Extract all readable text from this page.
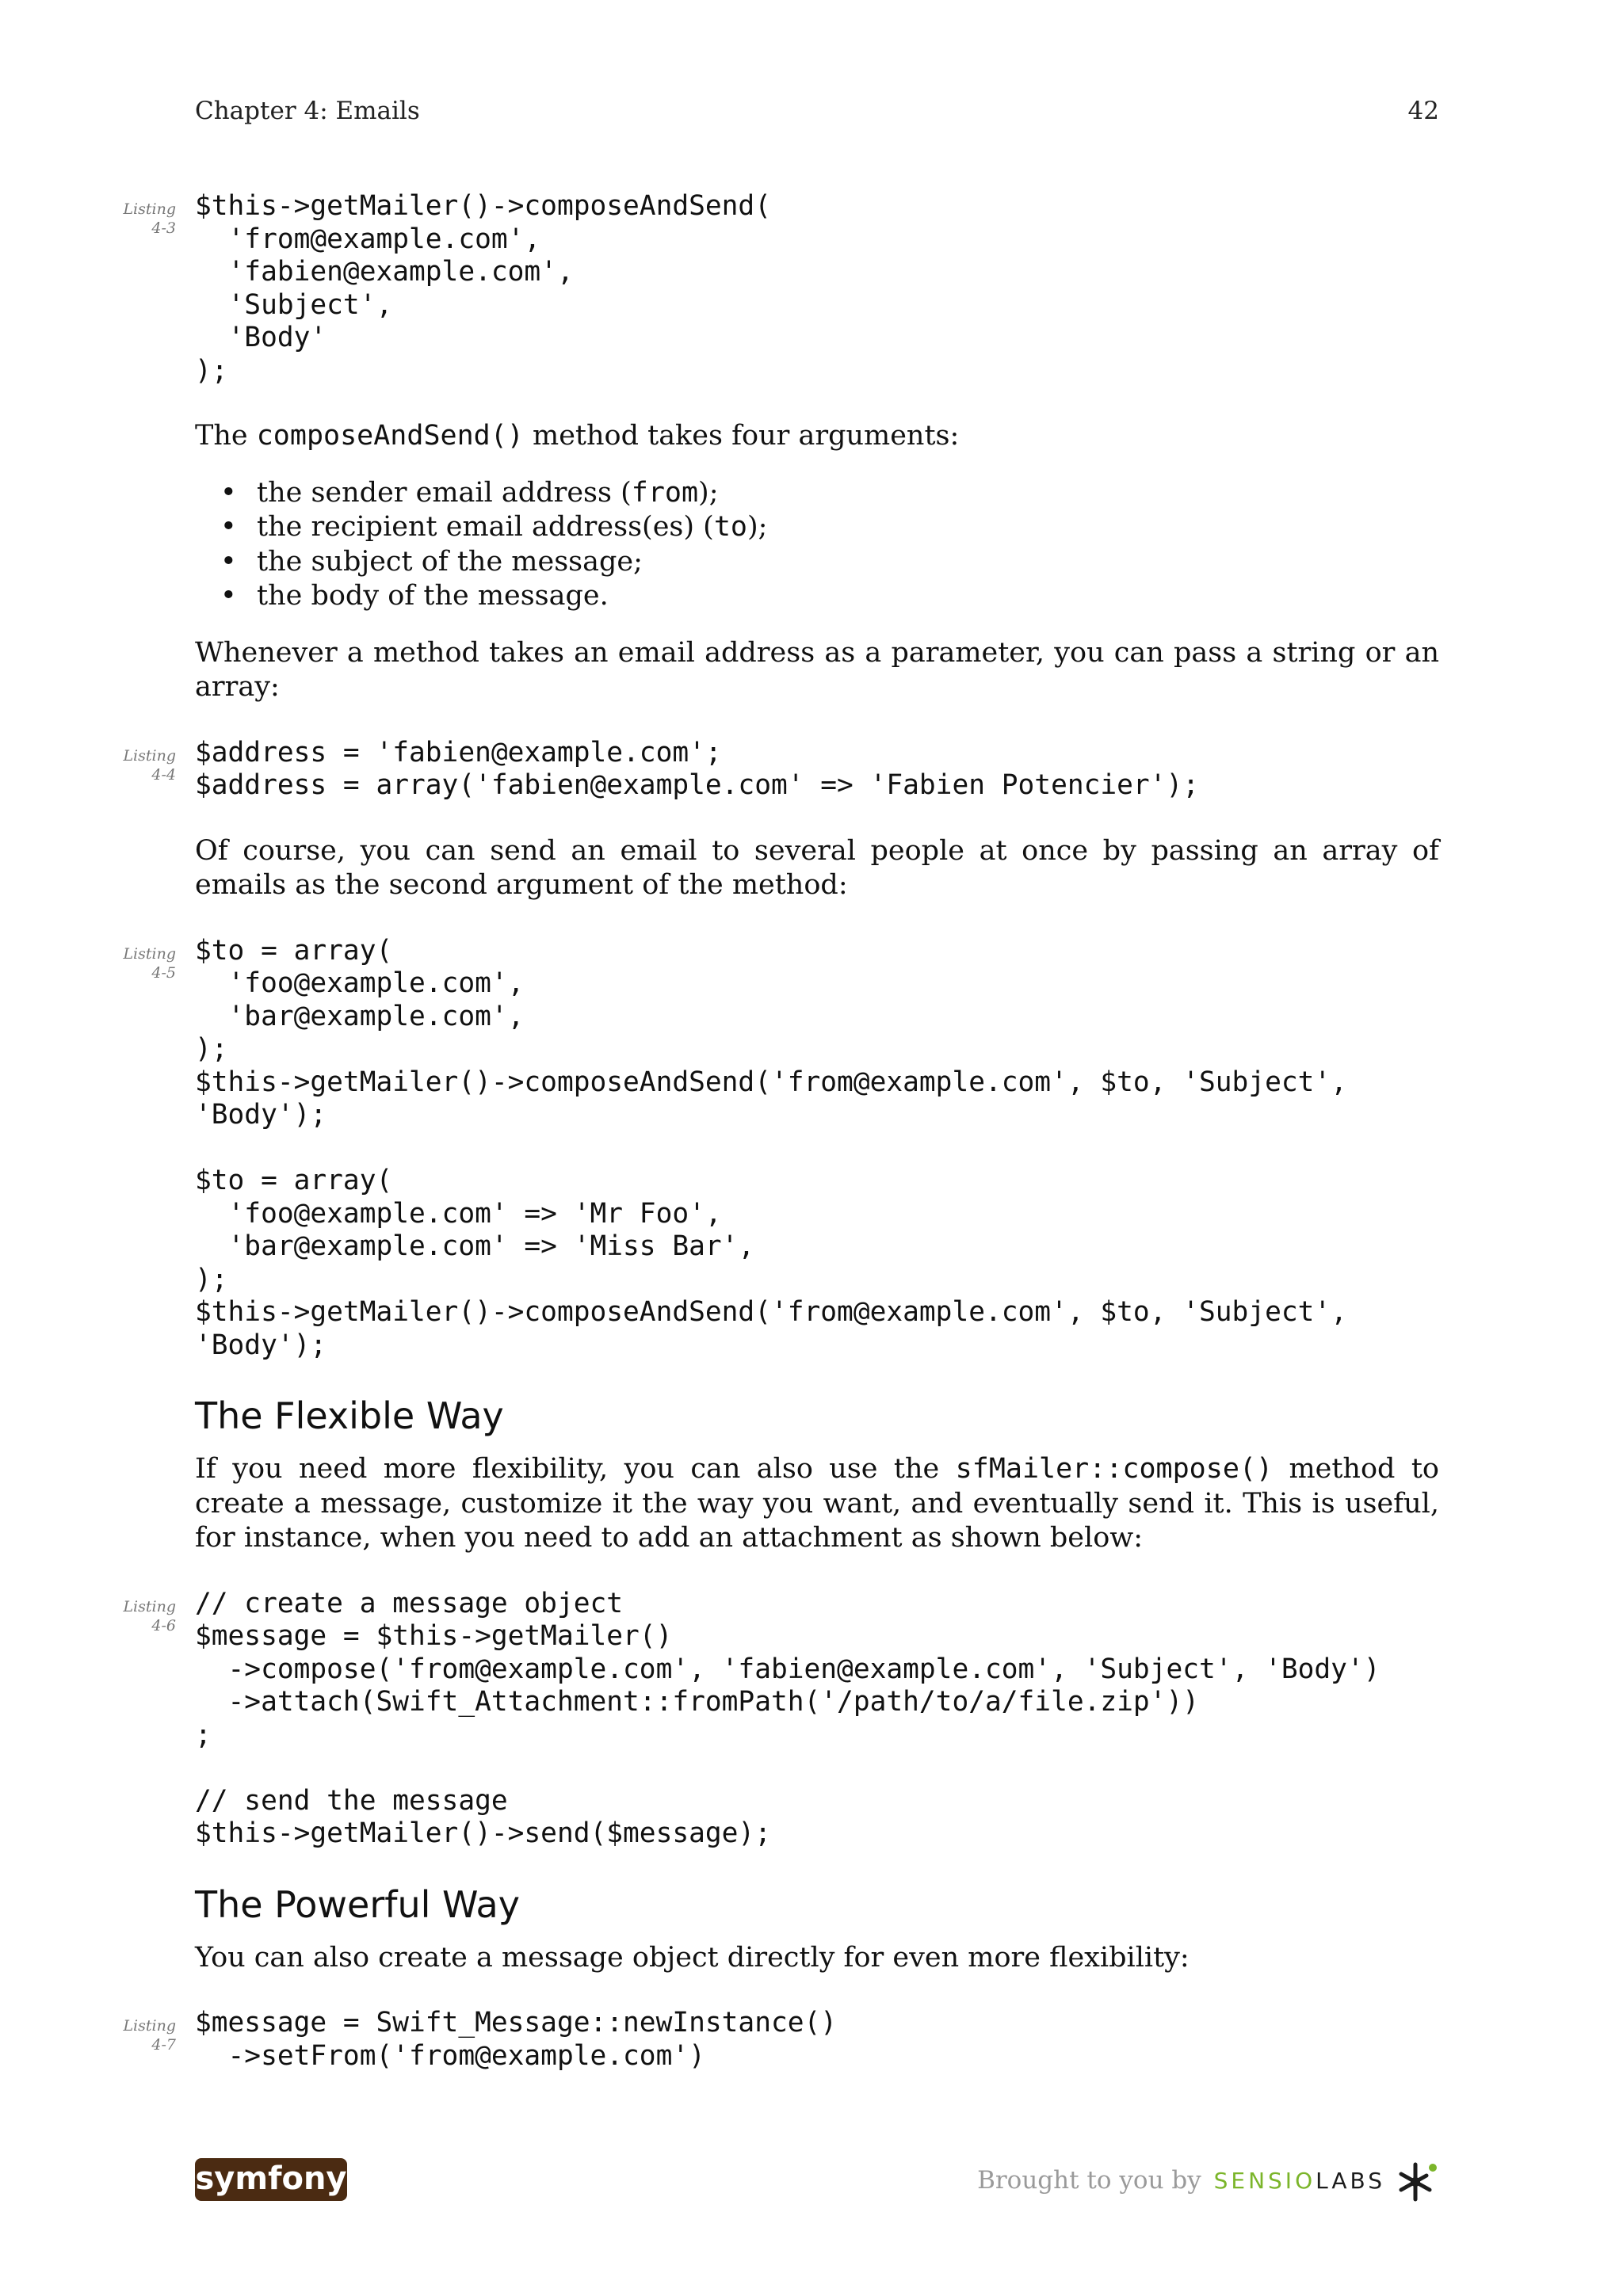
Chapter 4: Emails	42
Listing
4-3
$this->getMailer()->composeAndSend(
'from@example.com',
'fabien@example.com',
'Subject',
'Body'
);

The composeAndSend() method takes four arguments:

• the sender email address (from);
• the recipient email address(es) (to);
• the subject of the message;
• the body of the message.

Whenever a method takes an email address as a parameter, you can pass a string or an array:

Listing
4-4
$address = 'fabien@example.com';
$address = array('fabien@example.com' => 'Fabien Potencier');

Of course, you can send an email to several people at once by passing an array of emails as the second argument of the method:

Listing
4-5
$to = array(
'foo@example.com',
'bar@example.com',
);
$this->getMailer()->composeAndSend('from@example.com', $to, 'Subject',
'Body');

$to = array(
'foo@example.com' => 'Mr Foo',
'bar@example.com' => 'Miss Bar',
);
$this->getMailer()->composeAndSend('from@example.com', $to, 'Subject',
'Body');
The Flexible Way

If you need more flexibility, you can also use the sfMailer::compose() method to create a message, customize it the way you want, and eventually send it. This is useful, for instance, when you need to add an attachment as shown below:

Listing
4-6
// create a message object
$message = $this->getMailer()
->compose('from@example.com', 'fabien@example.com', 'Subject', 'Body')
->attach(Swift_Attachment::fromPath('/path/to/a/file.zip'))
;

// send the message
$this->getMailer()->send($message);
The Powerful Way

You can also create a message object directly for even more flexibility:

Listing
4-7
$message = Swift_Message::newInstance()
->setFrom('from@example.com')
symfony	Brought to you by SENSIOLABS
